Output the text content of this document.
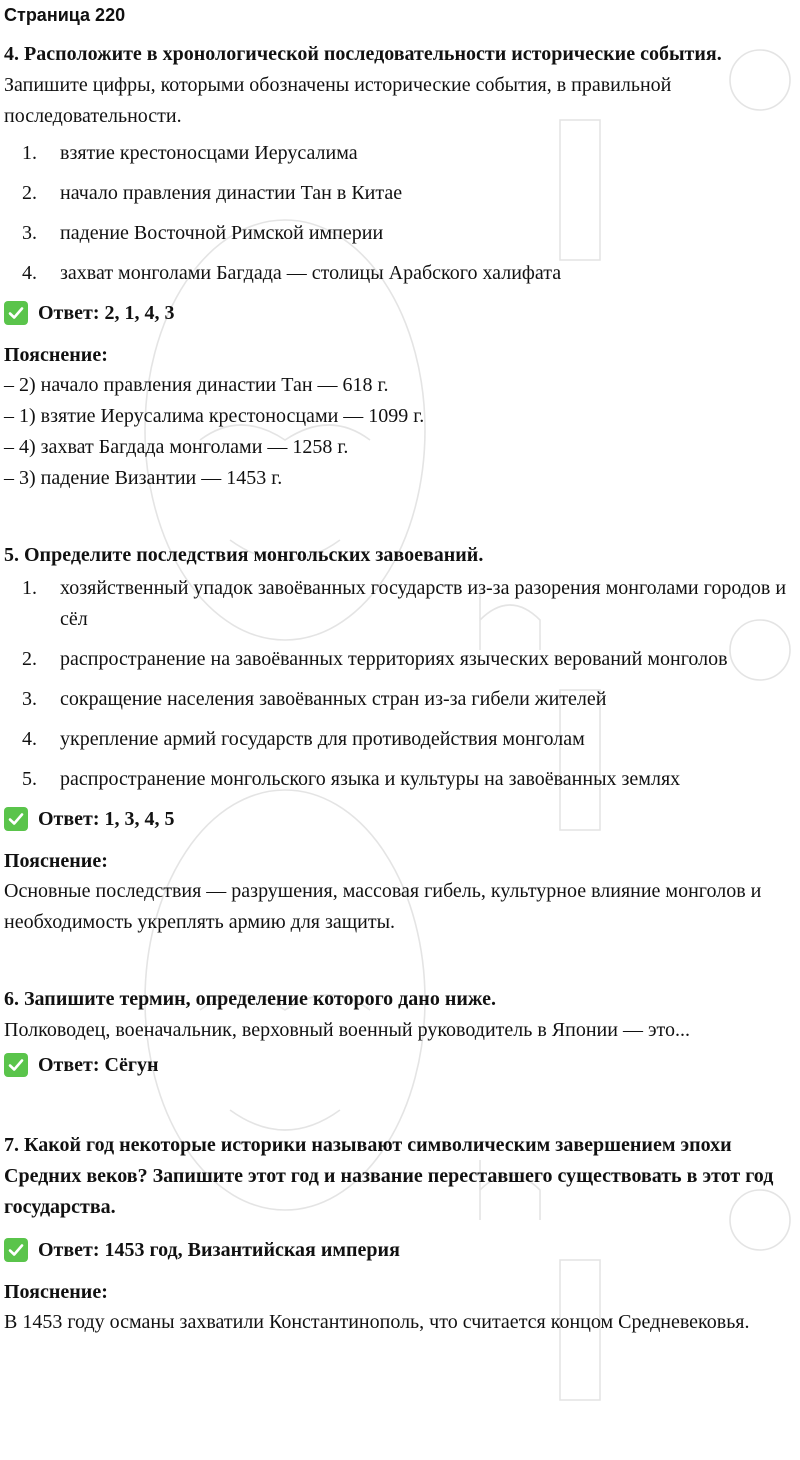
Страница 220

4. Расположите в хронологической последовательности исторические события.

Запишите цифры, которыми обозначены исторические события, в правильной последовательности.

1.	взятие крестоносцами Иерусалима
2.	начало правления династии Тан в Китае
3.	падение Восточной Римской империи
4.	захват монголами Багдада — столицы Арабского халифата
Ответ: 2, 1, 4, 3

Пояснение:

– 2) начало правления династии Тан — 618 г.

– 1) взятие Иерусалима крестоносцами — 1099 г.

– 4) захват Багдада монголами — 1258 г.

– 3) падение Византии — 1453 г.

5. Определите последствия монгольских завоеваний.

1.	хозяйственный упадок завоёванных государств из-за разорения монголами городов и сёл
2.	распространение на завоёванных территориях языческих верований монголов
3.	сокращение населения завоёванных стран из-за гибели жителей
4.	укрепление армий государств для противодействия монголам
5.	распространение монгольского языка и культуры на завоёванных землях
Ответ: 1, 3, 4, 5

Пояснение:

Основные последствия — разрушения, массовая гибель, культурное влияние монголов и необходимость укреплять армию для защиты.

6. Запишите термин, определение которого дано ниже.

Полководец, военачальник, верховный военный руководитель в Японии — это...

Ответ: Сёгун

7. Какой год некоторые историки называют символическим завершением эпохи Средних веков? Запишите этот год и название переставшего существовать в этот год государства.

Ответ: 1453 год, Византийская империя

Пояснение:

В 1453 году османы захватили Константинополь, что считается концом Средневековья.
